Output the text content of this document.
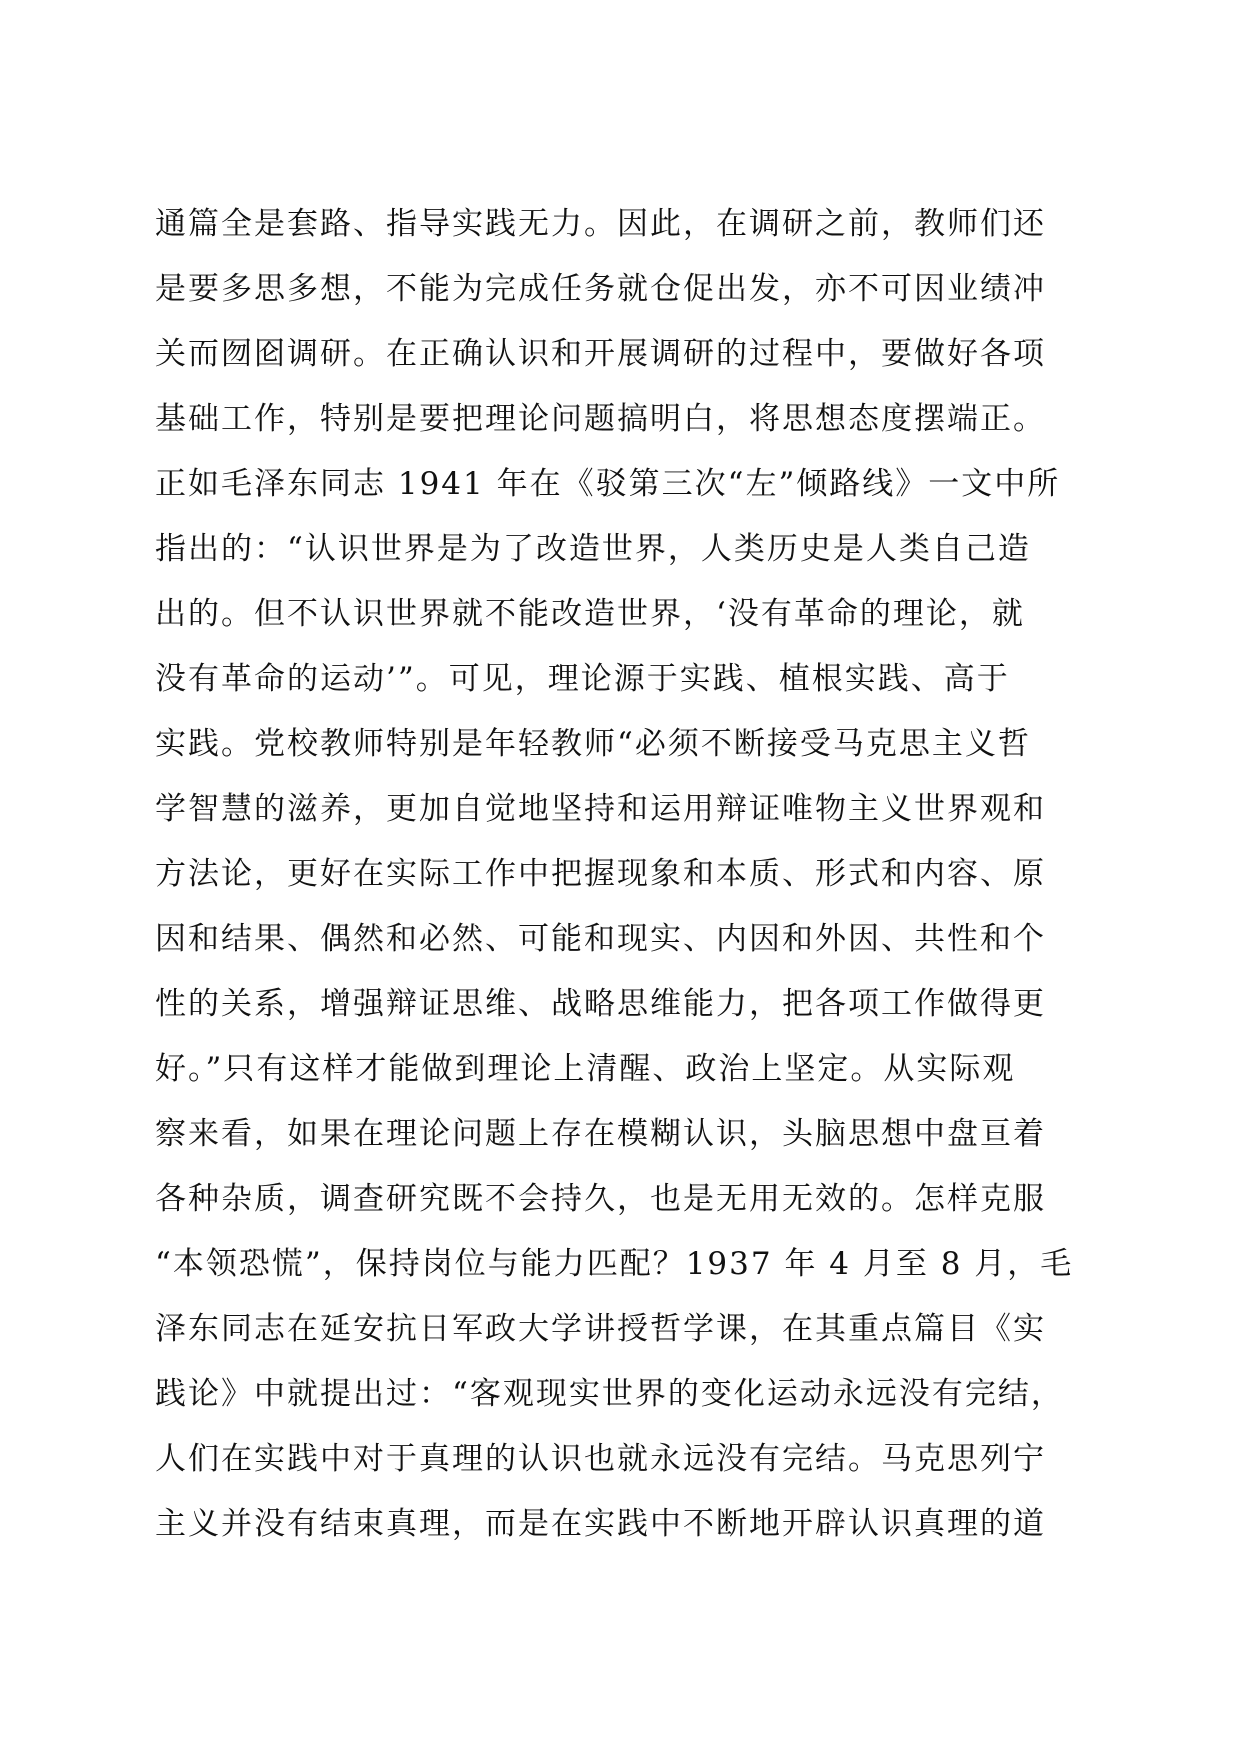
通篇全是套路、指导实践无力。因此，在调研之前，教师们还
是要多思多想，不能为完成任务就仓促出发，亦不可因业绩冲
关而囫囵调研。在正确认识和开展调研的过程中，要做好各项
基础工作，特别是要把理论问题搞明白，将思想态度摆端正。
正如毛泽东同志 1941 年在《驳第三次“左”倾路线》一文中所
指出的：“认识世界是为了改造世界，人类历史是人类自己造
出的。但不认识世界就不能改造世界，‘没有革命的理论，就
没有革命的运动’”。可见，理论源于实践、植根实践、高于
实践。党校教师特别是年轻教师“必须不断接受马克思主义哲
学智慧的滋养，更加自觉地坚持和运用辩证唯物主义世界观和
方法论，更好在实际工作中把握现象和本质、形式和内容、原
因和结果、偶然和必然、可能和现实、内因和外因、共性和个
性的关系，增强辩证思维、战略思维能力，把各项工作做得更
好。”只有这样才能做到理论上清醒、政治上坚定。从实际观
察来看，如果在理论问题上存在模糊认识，头脑思想中盘亘着
各种杂质，调查研究既不会持久，也是无用无效的。怎样克服
“本领恐慌”，保持岗位与能力匹配？1937 年 4 月至 8 月，毛
泽东同志在延安抗日军政大学讲授哲学课，在其重点篇目《实
践论》中就提出过：“客观现实世界的变化运动永远没有完结，
人们在实践中对于真理的认识也就永远没有完结。马克思列宁
主义并没有结束真理，而是在实践中不断地开辟认识真理的道
